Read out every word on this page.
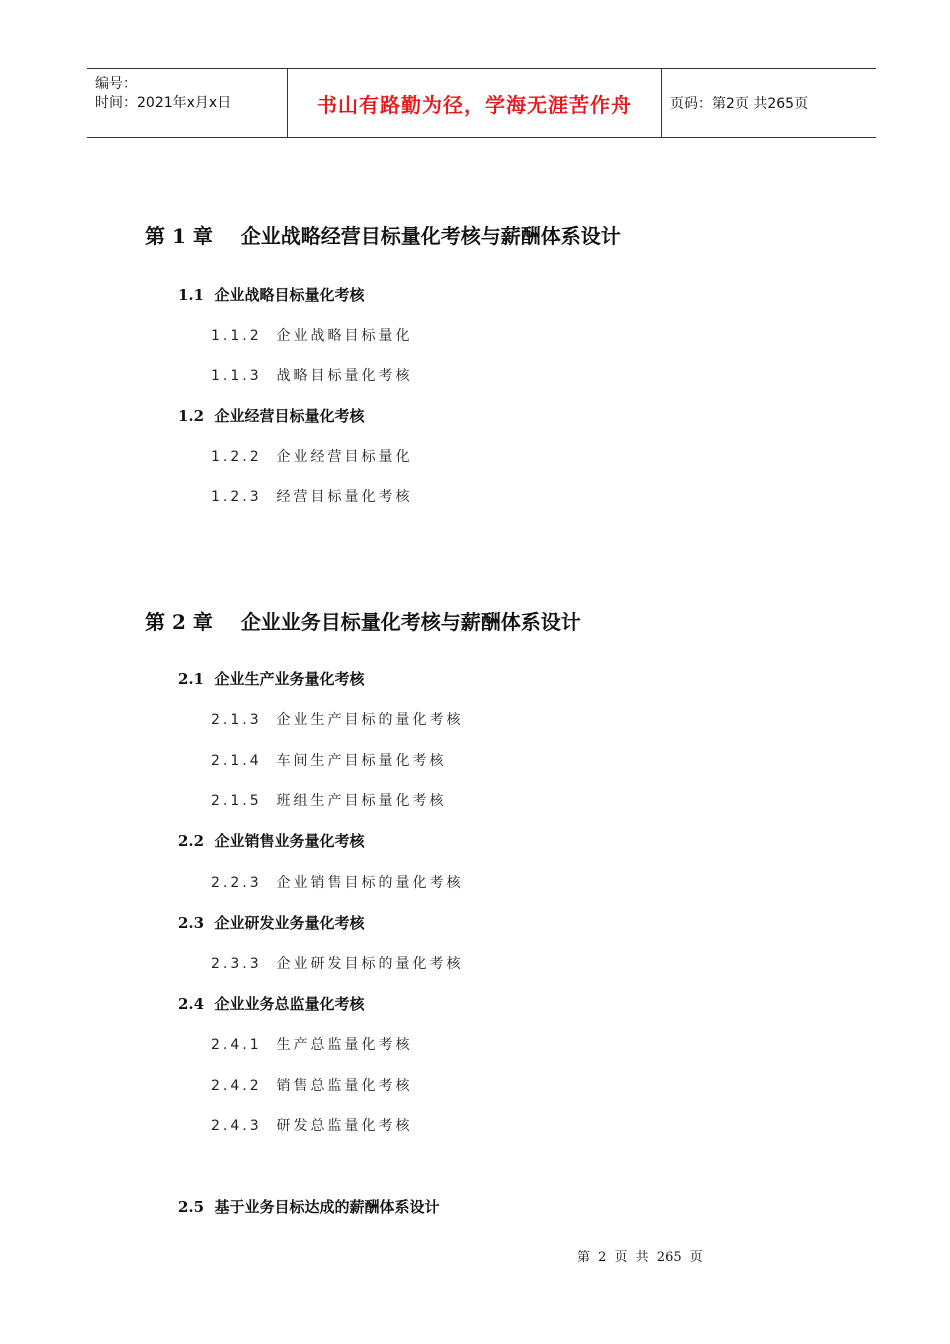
编号：
时间：2021年x月x日	书山有路勤为径，学海无涯苦作舟	页码：第2页 共265页
第 1 章    企业战略经营目标量化考核与薪酬体系设计
1.1  企业战略目标量化考核
1.1.2  企业战略目标量化
1.1.3  战略目标量化考核
1.2  企业经营目标量化考核
1.2.2  企业经营目标量化
1.2.3  经营目标量化考核
第 2 章    企业业务目标量化考核与薪酬体系设计
2.1  企业生产业务量化考核
2.1.3  企业生产目标的量化考核
2.1.4  车间生产目标量化考核
2.1.5  班组生产目标量化考核
2.2  企业销售业务量化考核
2.2.3  企业销售目标的量化考核
2.3  企业研发业务量化考核
2.3.3  企业研发目标的量化考核
2.4  企业业务总监量化考核
2.4.1  生产总监量化考核
2.4.2  销售总监量化考核
2.4.3  研发总监量化考核
2.5  基于业务目标达成的薪酬体系设计
第 2 页 共 265 页
